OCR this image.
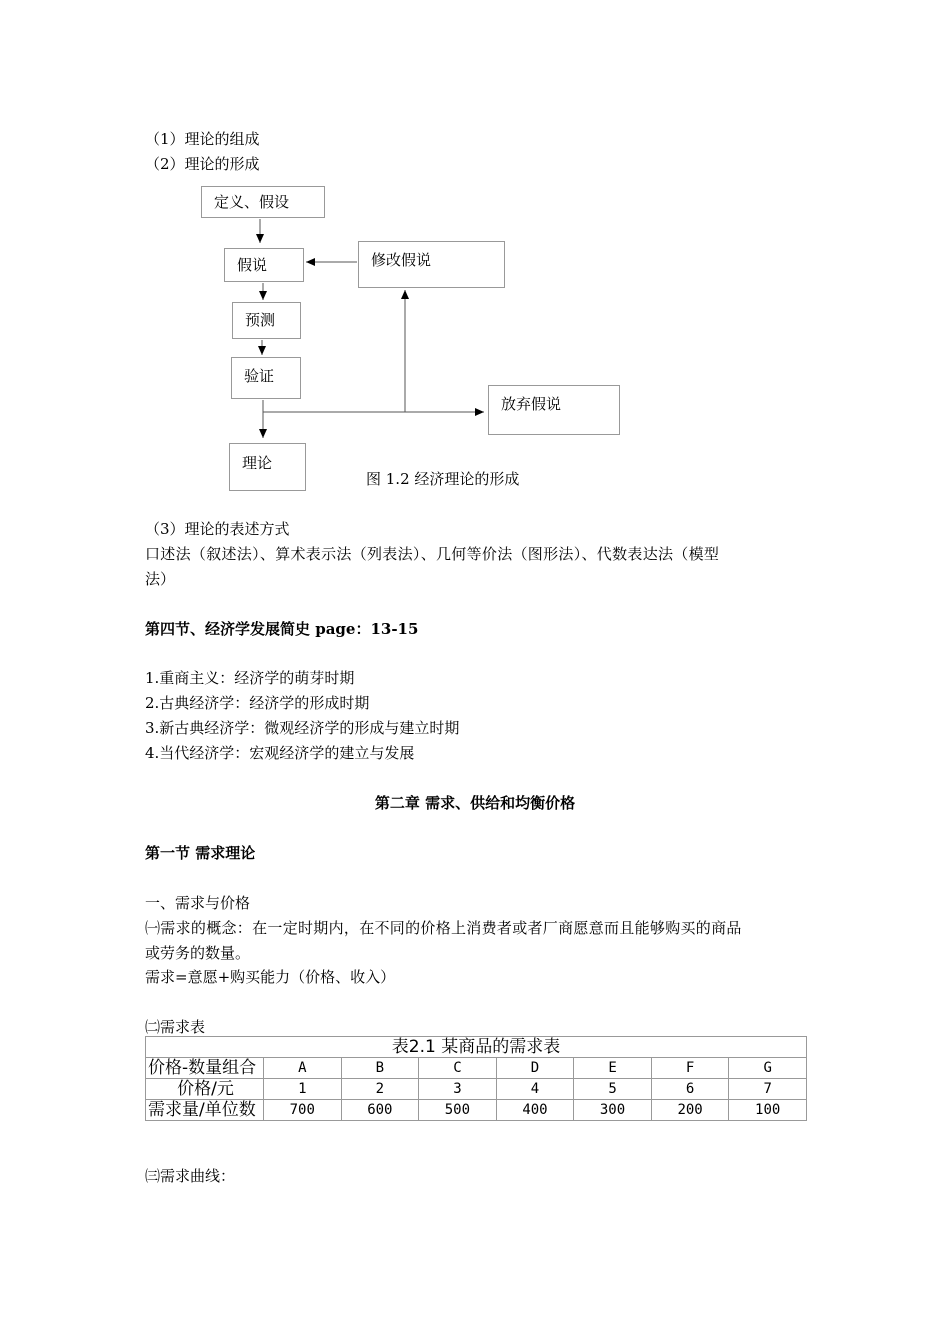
（1）理论的组成
（2）理论的形成
定义、假设
假说	修改假说
预测
验证
放弃假说
理论
图 1.2 经济理论的形成
（3）理论的表述方式
口述法（叙述法）、算术表示法（列表法）、几何等价法（图形法）、代数表达法（模型
法）
第四节、经济学发展简史 page：13-15
1.重商主义：经济学的萌芽时期
2.古典经济学：经济学的形成时期
3.新古典经济学：微观经济学的形成与建立时期
4.当代经济学：宏观经济学的建立与发展
第二章 需求、供给和均衡价格
第一节 需求理论
一、需求与价格
㈠需求的概念：在一定时期内，在不同的价格上消费者或者厂商愿意而且能够购买的商品
或劳务的数量。
需求=意愿+购买能力（价格、收入）
㈡需求表
表2.1 某商品的需求表							
价格-数量组合	A	B	C	D	E	F	G
价格/元	1	2	3	4	5	6	7
需求量/单位数	700	600	500	400	300	200	100
㈢需求曲线：
